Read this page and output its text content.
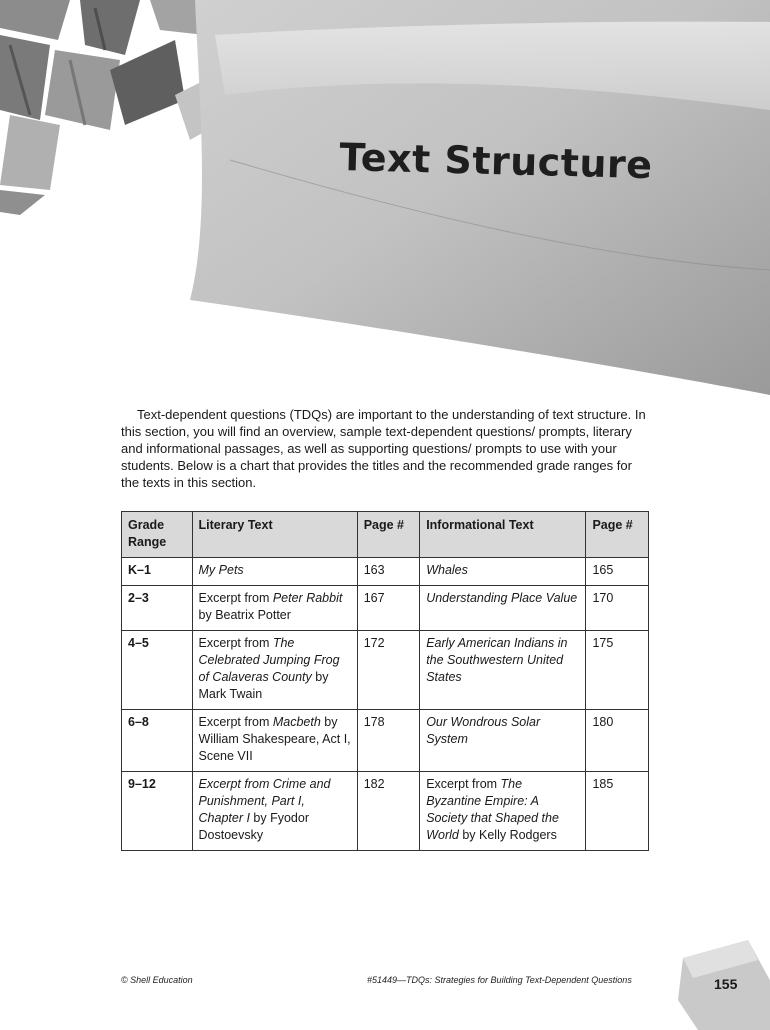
Text Structure

Text-dependent questions (TDQs) are important to the understanding of text structure. In this section, you will find an overview, sample text-dependent questions/ prompts, literary and informational passages, as well as supporting questions/ prompts to use with your students. Below is a chart that provides the titles and the recommended grade ranges for the texts in this section.

Grade Range	Literary Text	Page #	Informational Text	Page #
K–1	My Pets	163	Whales	165
2–3	Excerpt from Peter Rabbit by Beatrix Potter	167	Understanding Place Value	170
4–5	Excerpt from The Celebrated Jumping Frog of Calaveras County by Mark Twain	172	Early American Indians in the Southwestern United States	175
6–8	Excerpt from Macbeth by William Shakespeare, Act I, Scene VII	178	Our Wondrous Solar System	180
9–12	Excerpt from Crime and Punishment, Part I, Chapter I by Fyodor Dostoevsky	182	Excerpt from The Byzantine Empire: A Society that Shaped the World by Kelly Rodgers	185

© Shell Education	#51449—TDQs: Strategies for Building Text-Dependent Questions	155
